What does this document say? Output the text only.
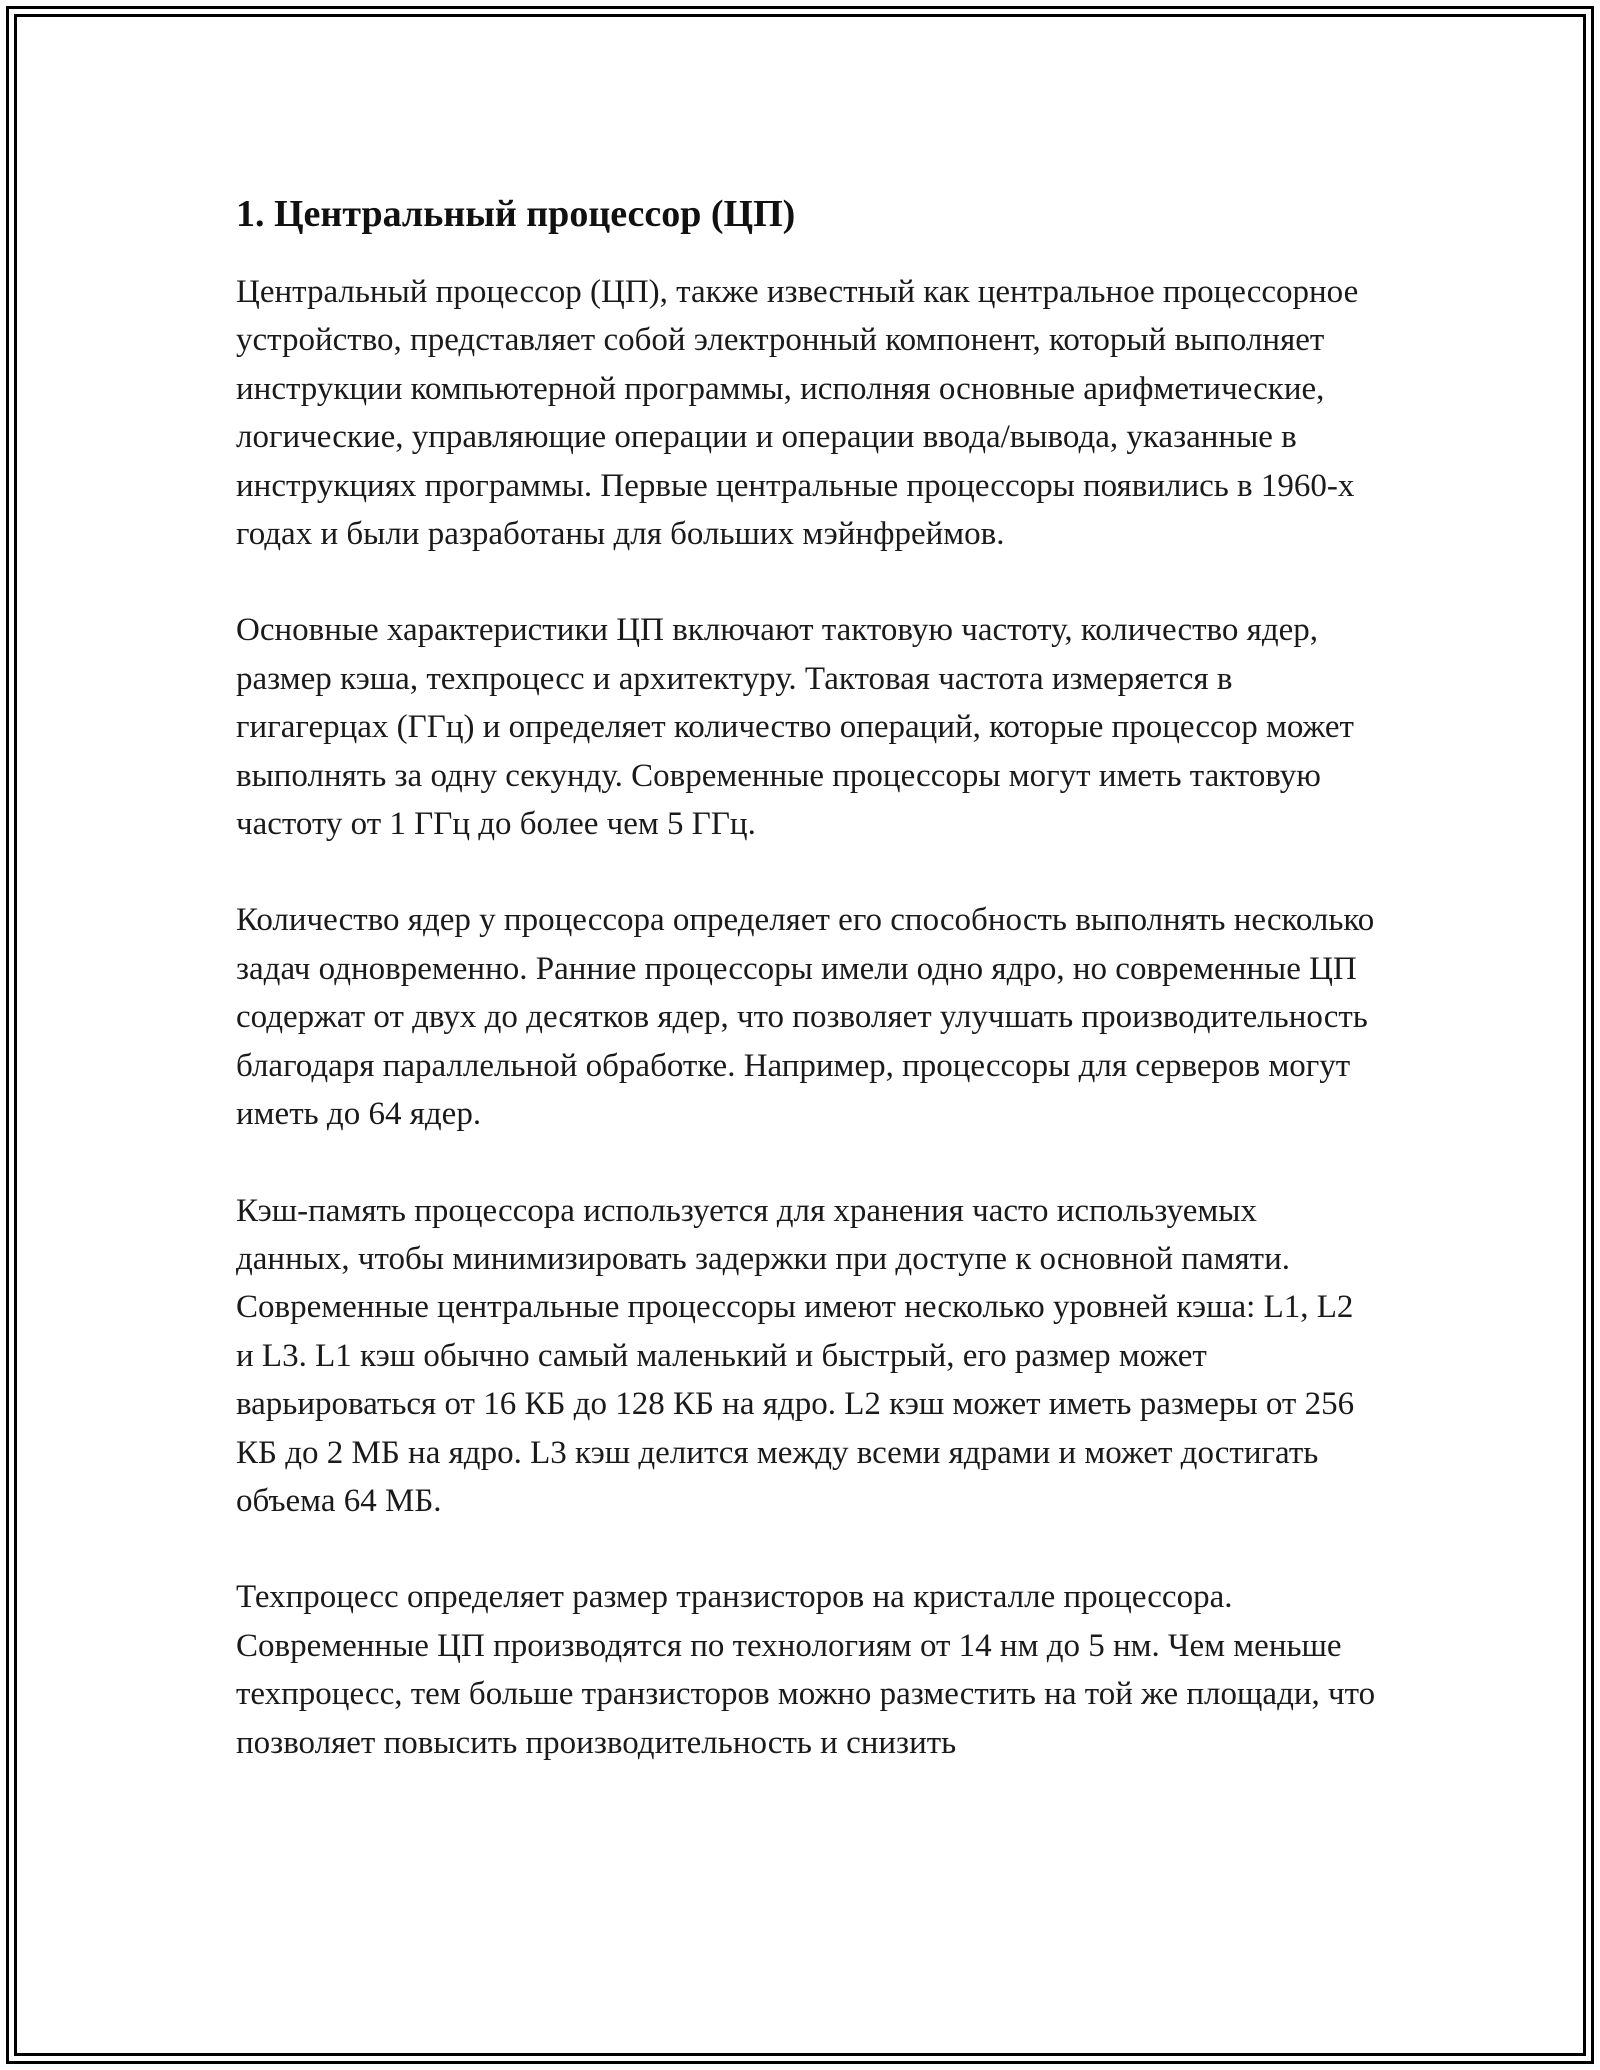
1. Центральный процессор (ЦП)

Центральный процессор (ЦП), также известный как центральное процессорное устройство, представляет собой электронный компонент, который выполняет инструкции компьютерной программы, исполняя основные арифметические, логические, управляющие операции и операции ввода/вывода, указанные в инструкциях программы. Первые центральные процессоры появились в 1960-х годах и были разработаны для больших мэйнфреймов.

Основные характеристики ЦП включают тактовую частоту, количество ядер, размер кэша, техпроцесс и архитектуру. Тактовая частота измеряется в гигагерцах (ГГц) и определяет количество операций, которые процессор может выполнять за одну секунду. Современные процессоры могут иметь тактовую частоту от 1 ГГц до более чем 5 ГГц.

Количество ядер у процессора определяет его способность выполнять несколько задач одновременно. Ранние процессоры имели одно ядро, но современные ЦП содержат от двух до десятков ядер, что позволяет улучшать производительность благодаря параллельной обработке. Например, процессоры для серверов могут иметь до 64 ядер.

Кэш-память процессора используется для хранения часто используемых данных, чтобы минимизировать задержки при доступе к основной памяти. Современные центральные процессоры имеют несколько уровней кэша: L1, L2 и L3. L1 кэш обычно самый маленький и быстрый, его размер может варьироваться от 16 КБ до 128 КБ на ядро. L2 кэш может иметь размеры от 256 КБ до 2 МБ на ядро. L3 кэш делится между всеми ядрами и может достигать объема 64 МБ.

Техпроцесс определяет размер транзисторов на кристалле процессора. Современные ЦП производятся по технологиям от 14 нм до 5 нм. Чем меньше техпроцесс, тем больше транзисторов можно разместить на той же площади, что позволяет повысить производительность и снизить
